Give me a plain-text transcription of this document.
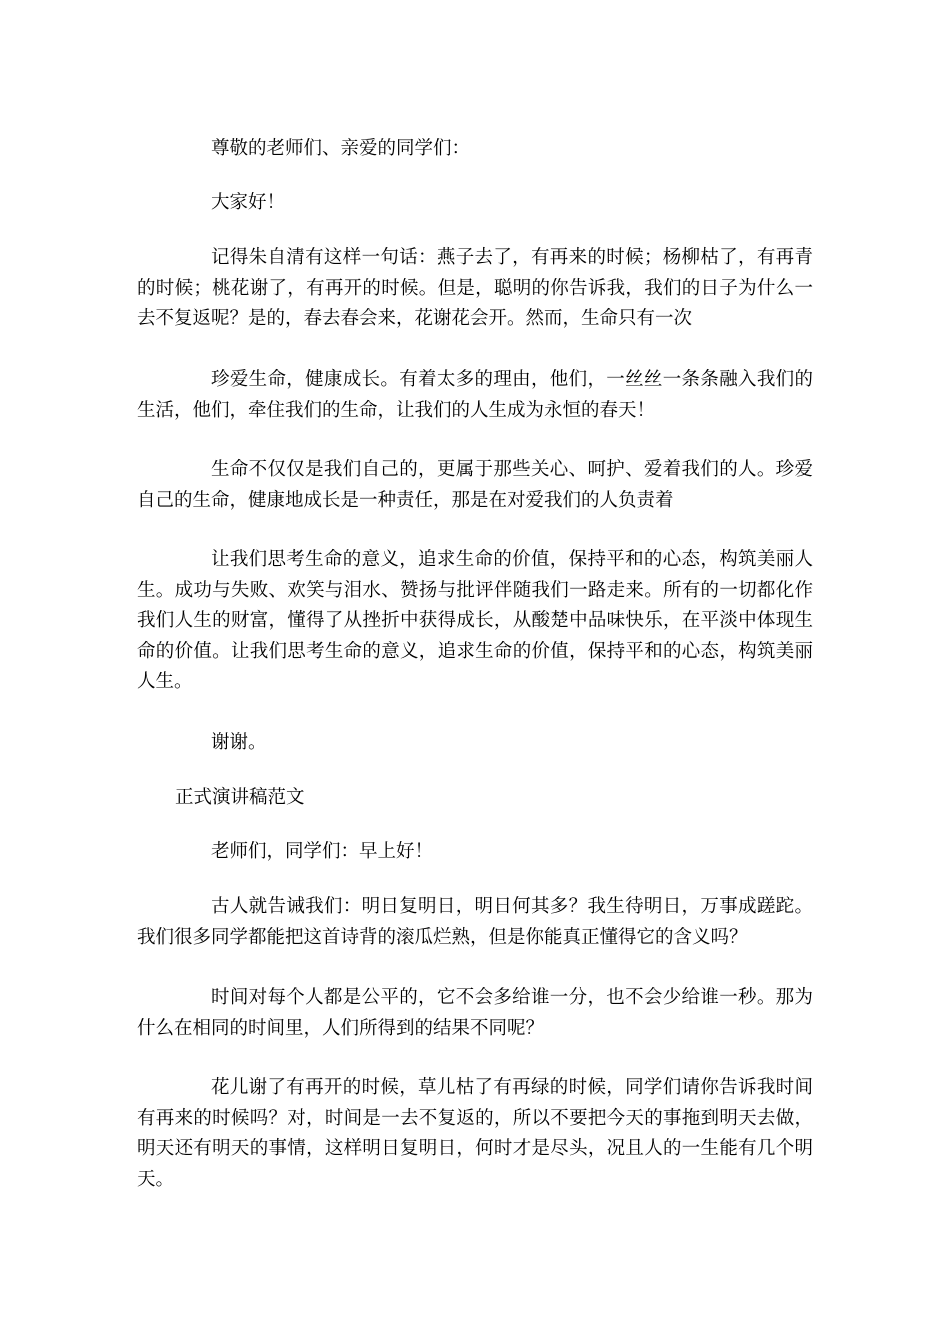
尊敬的老师们、亲爱的同学们：

大家好！

记得朱自清有这样一句话：燕子去了，有再来的时候；杨柳枯了，有再青的时候；桃花谢了，有再开的时候。但是，聪明的你告诉我，我们的日子为什么一去不复返呢？是的，春去春会来，花谢花会开。然而，生命只有一次

珍爱生命，健康成长。有着太多的理由，他们，一丝丝一条条融入我们的生活，他们，牵住我们的生命，让我们的人生成为永恒的春天！

生命不仅仅是我们自己的，更属于那些关心、呵护、爱着我们的人。珍爱自己的生命，健康地成长是一种责任，那是在对爱我们的人负责着

让我们思考生命的意义，追求生命的价值，保持平和的心态，构筑美丽人生。成功与失败、欢笑与泪水、赞扬与批评伴随我们一路走来。所有的一切都化作我们人生的财富，懂得了从挫折中获得成长，从酸楚中品味快乐，在平淡中体现生命的价值。让我们思考生命的意义，追求生命的价值，保持平和的心态，构筑美丽人生。

谢谢。

正式演讲稿范文

老师们，同学们：早上好！

古人就告诫我们：明日复明日，明日何其多？我生待明日，万事成蹉跎。我们很多同学都能把这首诗背的滚瓜烂熟，但是你能真正懂得它的含义吗？

时间对每个人都是公平的，它不会多给谁一分，也不会少给谁一秒。那为什么在相同的时间里，人们所得到的结果不同呢？

花儿谢了有再开的时候，草儿枯了有再绿的时候，同学们请你告诉我时间有再来的时候吗？对，时间是一去不复返的，所以不要把今天的事拖到明天去做，明天还有明天的事情，这样明日复明日，何时才是尽头，况且人的一生能有几个明天。
